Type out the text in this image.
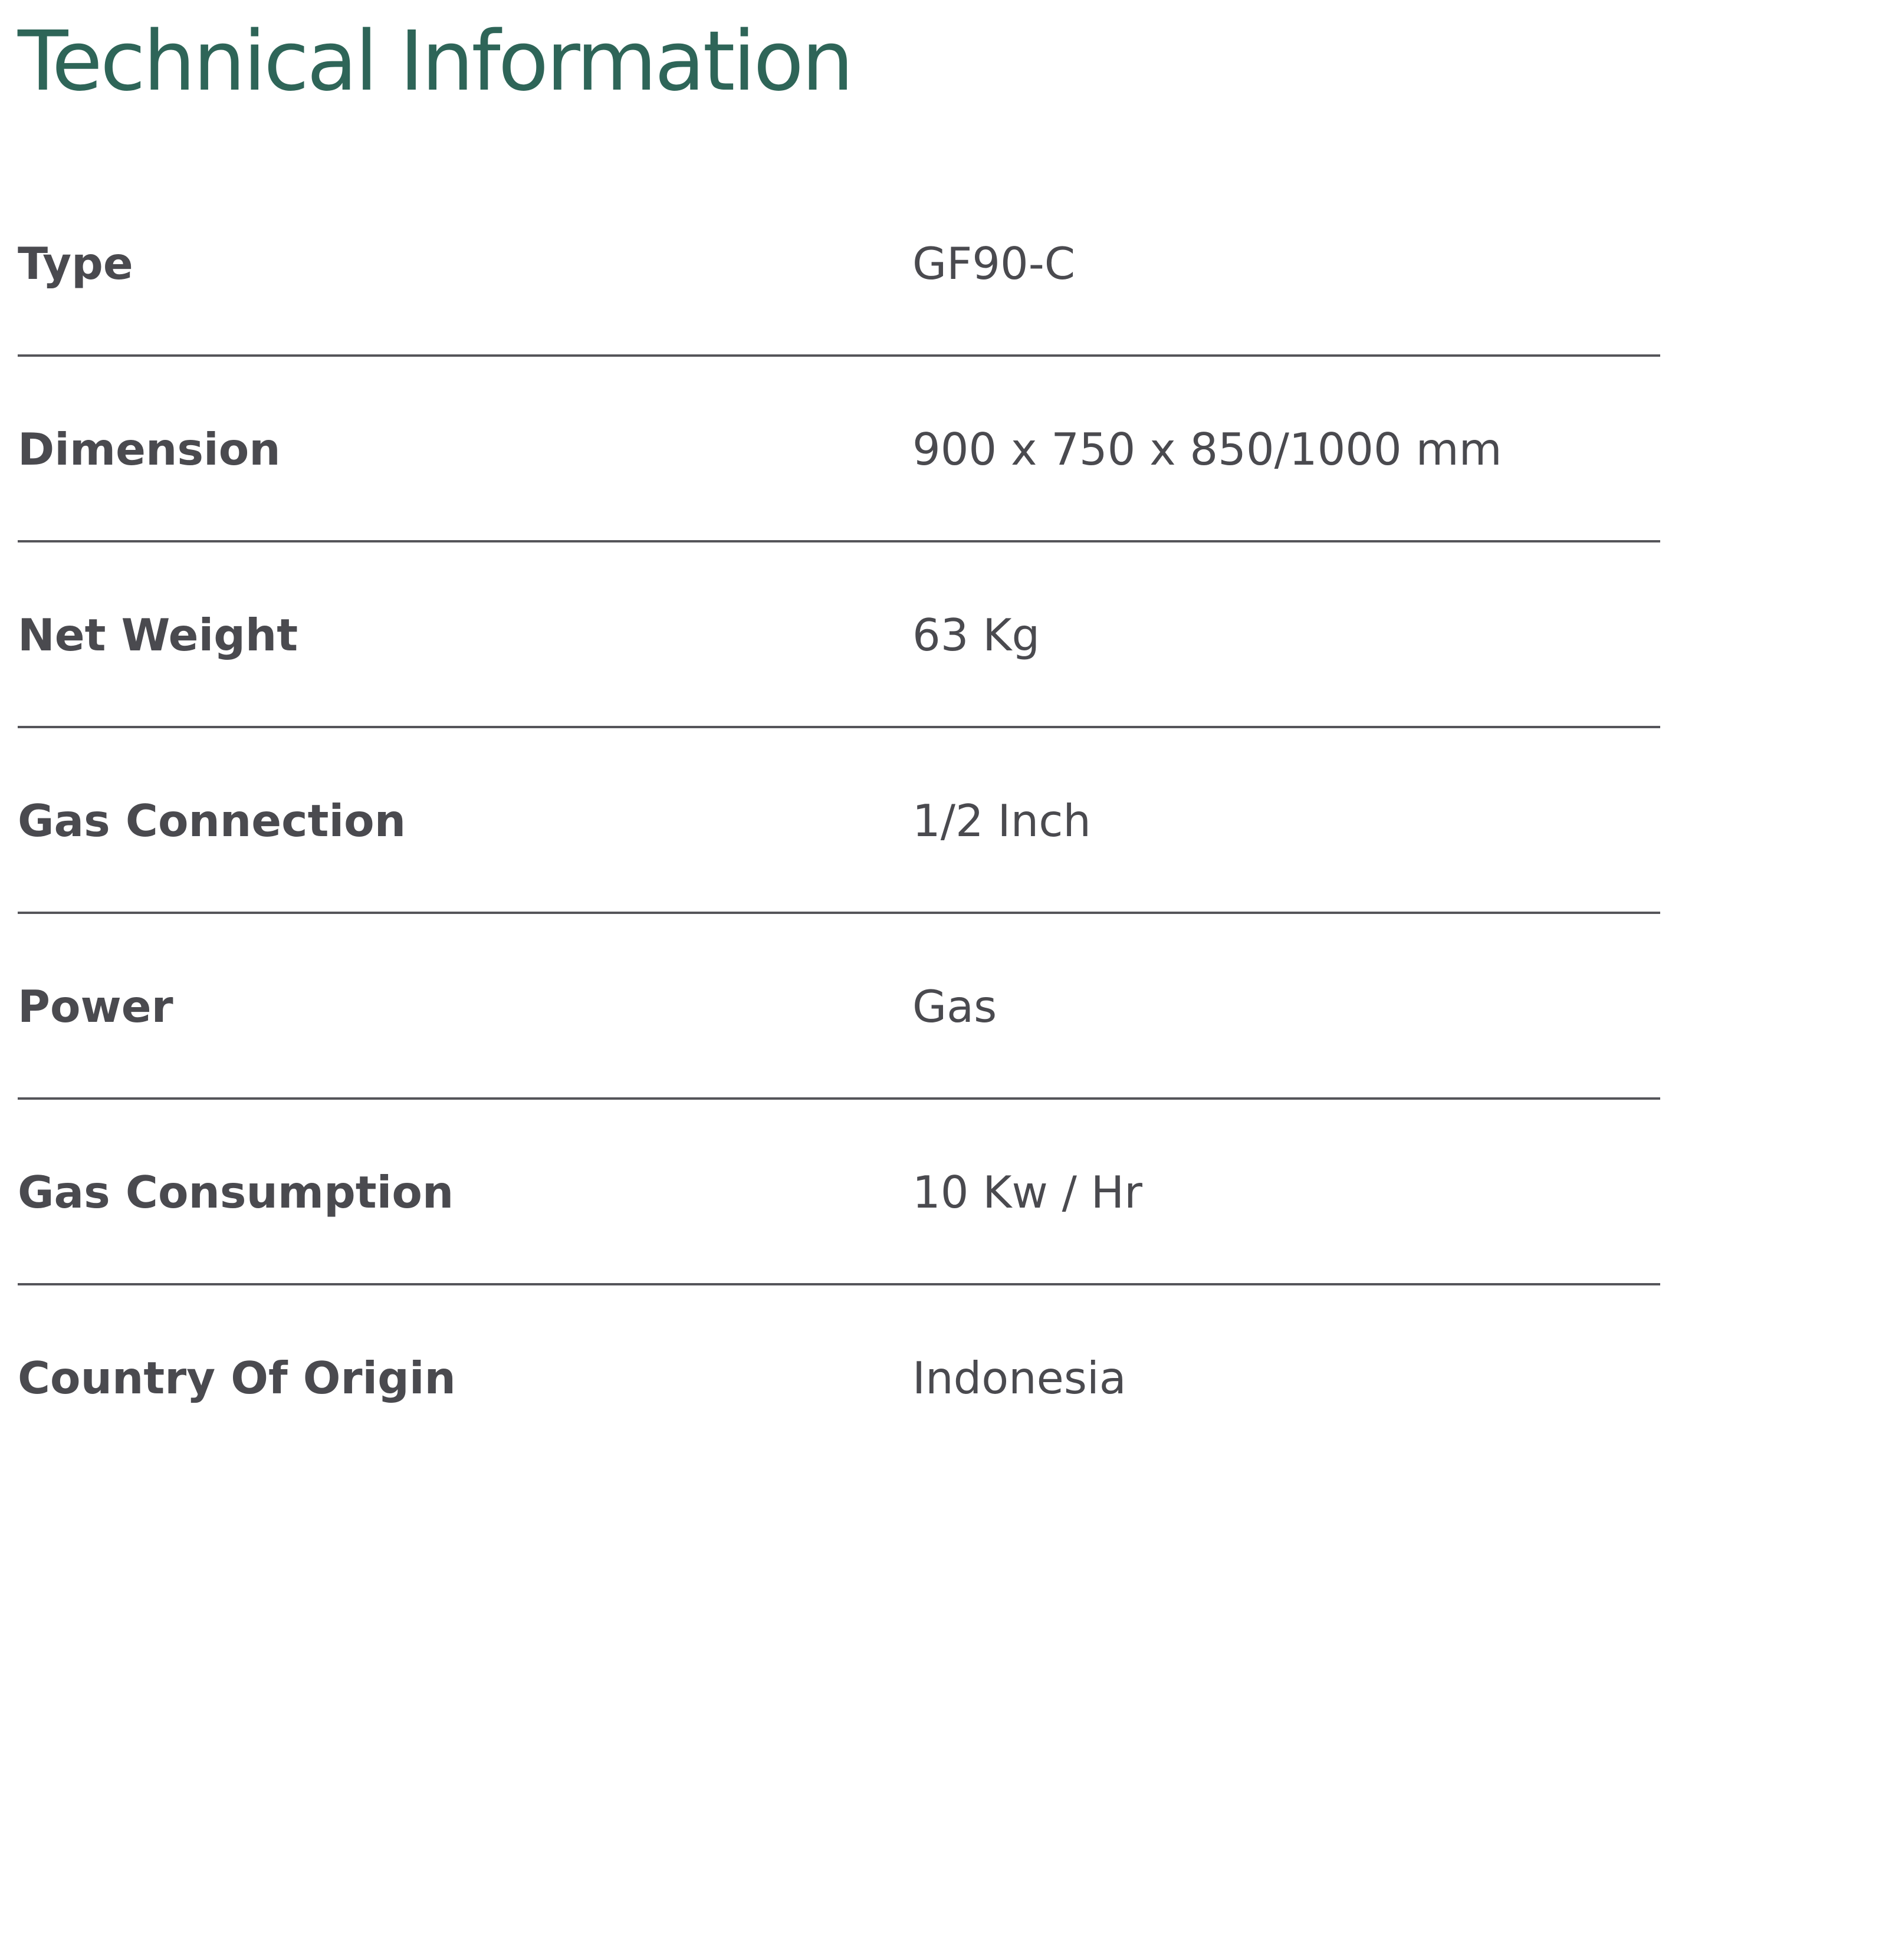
Technical Information
Type	GF90-C
Dimension	900 x 750 x 850/1000 mm
Net Weight	63 Kg
Gas Connection	1/2 Inch
Power	Gas
Gas Consumption	10 Kw / Hr
Country Of Origin	Indonesia
